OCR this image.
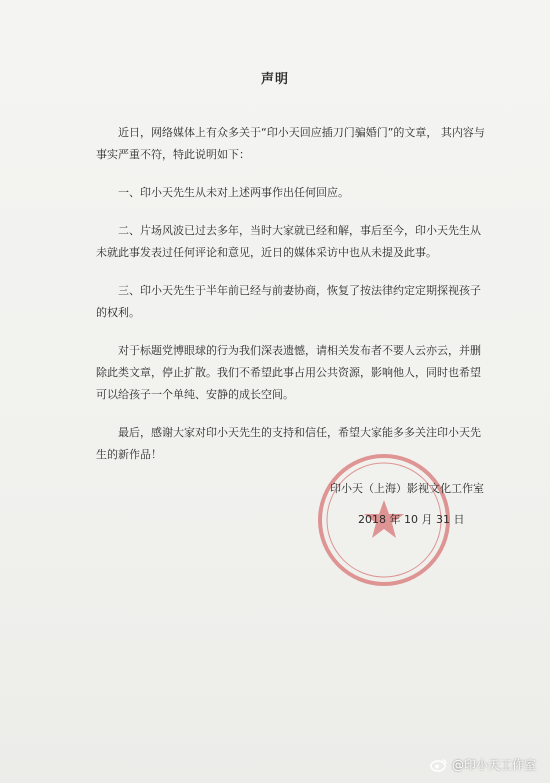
声明

近日，网络媒体上有众多关于“印小天回应插刀门骗婚门”的文章， 其内容与事实严重不符，特此说明如下：

一、印小天先生从未对上述两事作出任何回应。

二、片场风波已过去多年，当时大家就已经和解，事后至今，印小天先生从未就此事发表过任何评论和意见，近日的媒体采访中也从未提及此事。

三、印小天先生于半年前已经与前妻协商，恢复了按法律约定定期探视孩子的权利。

对于标题党博眼球的行为我们深表遗憾，请相关发布者不要人云亦云，并删除此类文章，停止扩散。我们不希望此事占用公共资源，影响他人，同时也希望可以给孩子一个单纯、安静的成长空间。

最后，感谢大家对印小天先生的支持和信任，希望大家能多多关注印小天先生的新作品！

印小天（上海）影视文化工作室
2018 年 10 月 31 日
@印小天工作室
